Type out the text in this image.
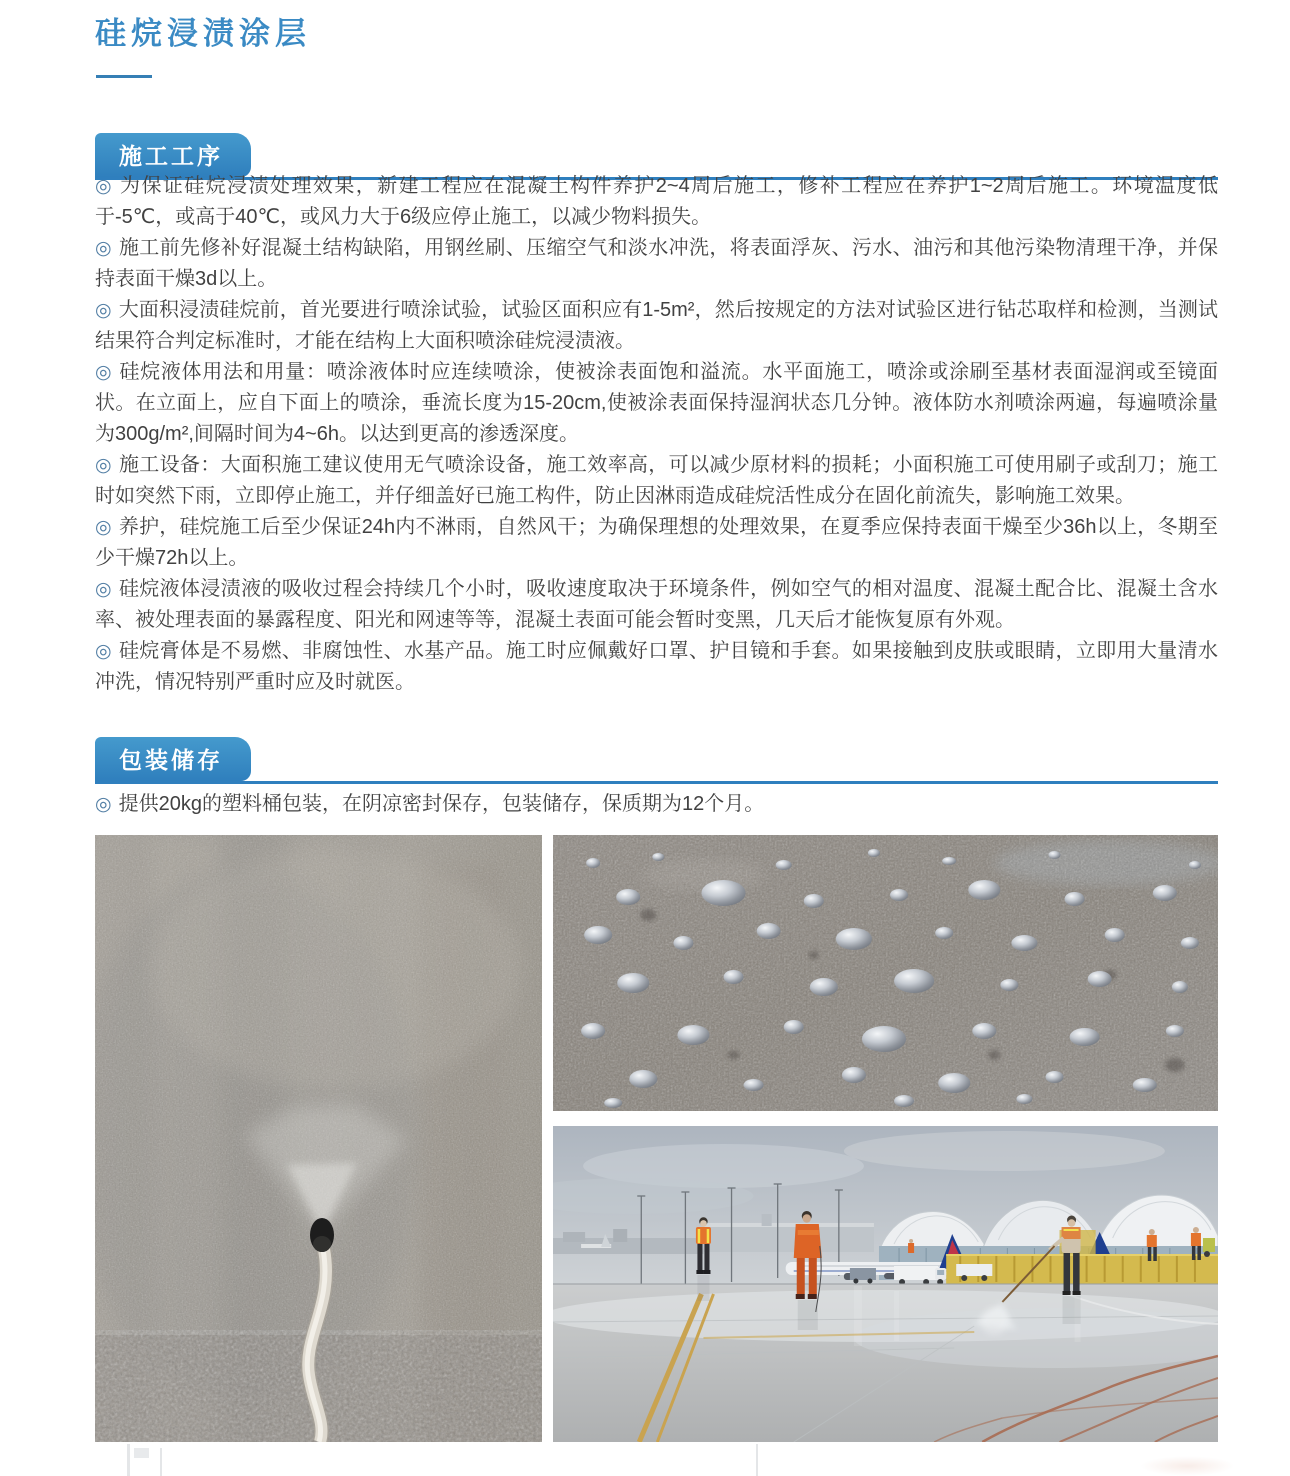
硅烷浸渍涂层
施工工序

◎ 为保证硅烷浸渍处理效果，新建工程应在混凝土构件养护2~4周后施工，修补工程应在养护1~2周后施工。环境温度低于-5℃，或高于40℃，或风力大于6级应停止施工，以减少物料损失。

◎ 施工前先修补好混凝土结构缺陷，用钢丝刷、压缩空气和淡水冲洗，将表面浮灰、污水、油污和其他污染物清理干净，并保持表面干燥3d以上。

◎ 大面积浸渍硅烷前，首光要进行喷涂试验，试验区面积应有1-5m²，然后按规定的方法对试验区进行钻芯取样和检测，当测试结果符合判定标准时，才能在结构上大面积喷涂硅烷浸渍液。

◎ 硅烷液体用法和用量：喷涂液体时应连续喷涂，使被涂表面饱和溢流。水平面施工，喷涂或涂刷至基材表面湿润或至镜面状。在立面上，应自下面上的喷涂，垂流长度为15-20cm,使被涂表面保持湿润状态几分钟。液体防水剂喷涂两遍，每遍喷涂量为300g/m²,间隔时间为4~6h。以达到更高的渗透深度。

◎ 施工设备：大面积施工建议使用无气喷涂设备，施工效率高，可以减少原材料的损耗；小面积施工可使用刷子或刮刀；施工时如突然下雨，立即停止施工，并仔细盖好已施工构件，防止因淋雨造成硅烷活性成分在固化前流失，影响施工效果。

◎ 养护，硅烷施工后至少保证24h内不淋雨，自然风干；为确保理想的处理效果，在夏季应保持表面干燥至少36h以上，冬期至少干燥72h以上。

◎ 硅烷液体浸渍液的吸收过程会持续几个小时，吸收速度取决于环境条件，例如空气的相对温度、混凝土配合比、混凝土含水率、被处理表面的暴露程度、阳光和网速等等，混凝土表面可能会暂时变黑，几天后才能恢复原有外观。

◎ 硅烷膏体是不易燃、非腐蚀性、水基产品。施工时应佩戴好口罩、护目镜和手套。如果接触到皮肤或眼睛，立即用大量清水冲洗，情况特别严重时应及时就医。

包装储存

◎ 提供20kg的塑料桶包装，在阴凉密封保存，包装储存，保质期为12个月。
